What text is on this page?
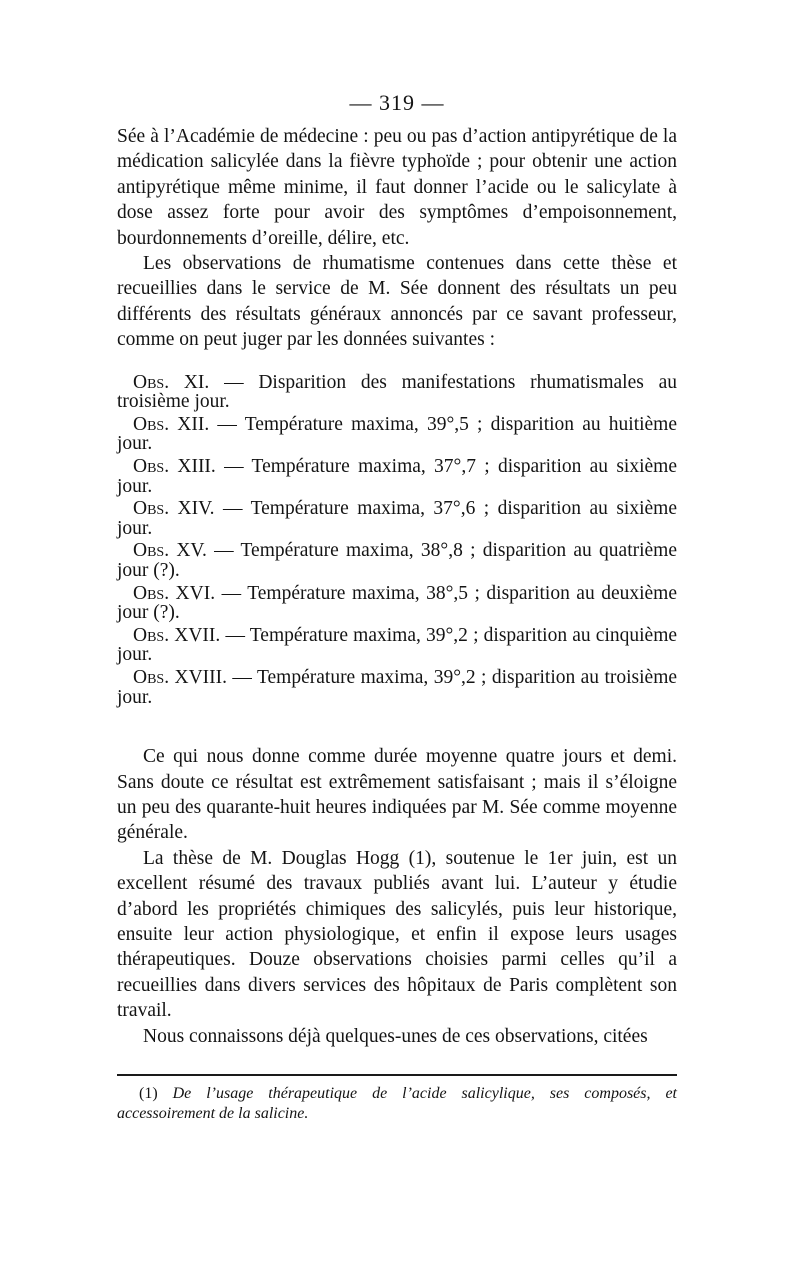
— 319 —

Sée à l’Académie de médecine : peu ou pas d’action antipyrétique de la médication salicylée dans la fièvre typhoïde ; pour obtenir une action antipyrétique même minime, il faut donner l’acide ou le salicylate à dose assez forte pour avoir des symptômes d’empoisonnement, bourdonnements d’oreille, délire, etc.

Les observations de rhumatisme contenues dans cette thèse et recueillies dans le service de M. Sée donnent des résultats un peu différents des résultats généraux annoncés par ce savant professeur, comme on peut juger par les données suivantes :

Obs. XI. — Disparition des manifestations rhumatismales au troisième jour.

Obs. XII. — Température maxima, 39°,5 ; disparition au huitième jour.

Obs. XIII. — Température maxima, 37°,7 ; disparition au sixième jour.

Obs. XIV. — Température maxima, 37°,6 ; disparition au sixième jour.

Obs. XV. — Température maxima, 38°,8 ; disparition au quatrième jour (?).

Obs. XVI. — Température maxima, 38°,5 ; disparition au deuxième jour (?).

Obs. XVII. — Température maxima, 39°,2 ; disparition au cinquième jour.

Obs. XVIII. — Température maxima, 39°,2 ; disparition au troisième jour.

Ce qui nous donne comme durée moyenne quatre jours et demi. Sans doute ce résultat est extrêmement satisfaisant ; mais il s’éloigne un peu des quarante-huit heures indiquées par M. Sée comme moyenne générale.

La thèse de M. Douglas Hogg (1), soutenue le 1er juin, est un excellent résumé des travaux publiés avant lui. L’auteur y étudie d’abord les propriétés chimiques des salicylés, puis leur historique, ensuite leur action physiologique, et enfin il expose leurs usages thérapeutiques. Douze observations choisies parmi celles qu’il a recueillies dans divers services des hôpitaux de Paris complètent son travail.

Nous connaissons déjà quelques-unes de ces observations, citées

(1) De l’usage thérapeutique de l’acide salicylique, ses composés, et accessoirement de la salicine.
